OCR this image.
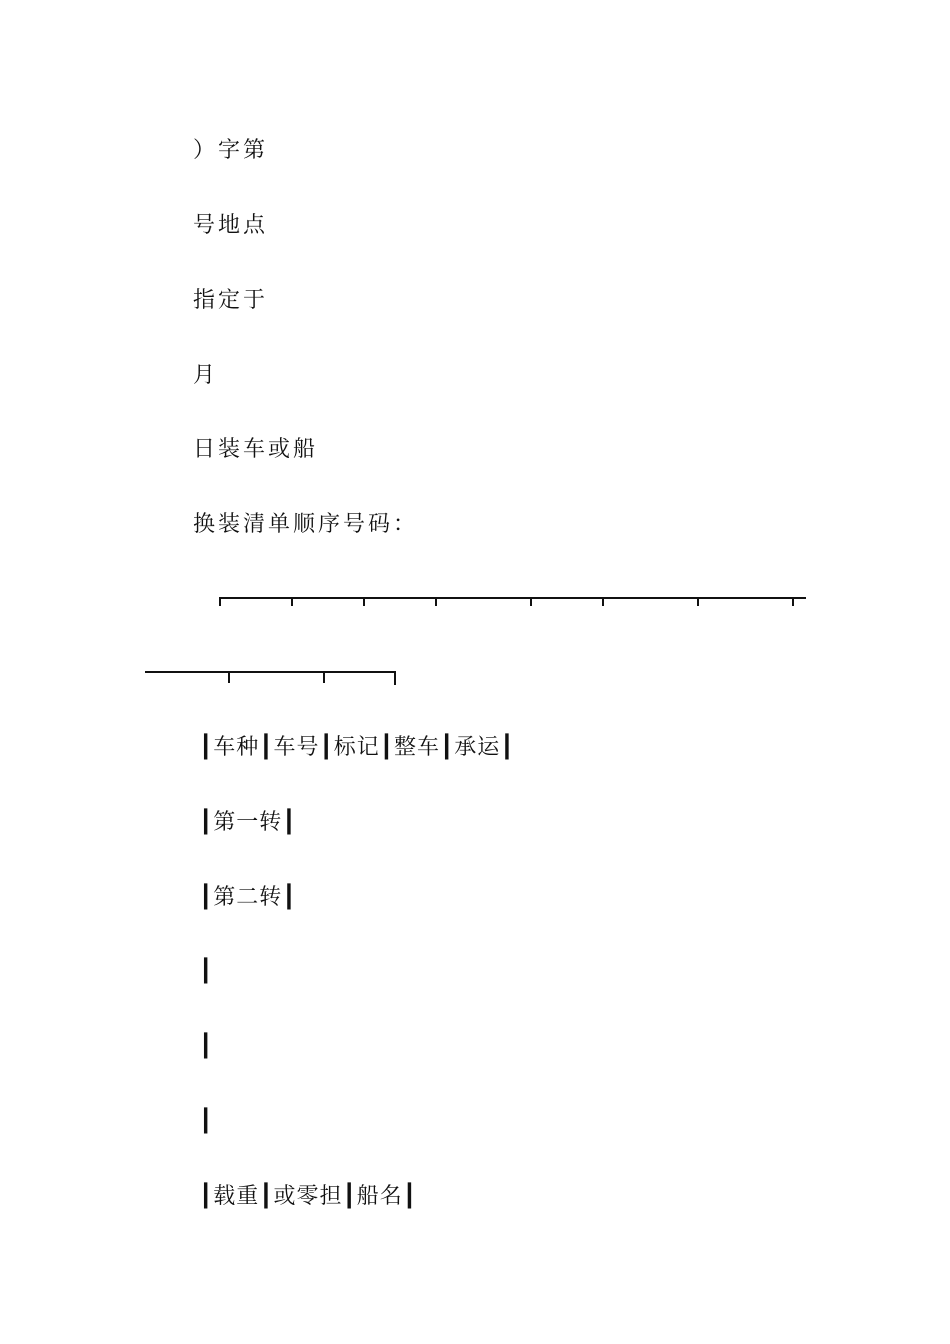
）字第
号地点
指定于
月
日装车或船
换装清单顺序号码：
┃车种┃车号┃标记┃整车┃承运┃
┃第一转┃
┃第二转┃
┃
┃
┃
┃载重┃或零担┃船名┃
